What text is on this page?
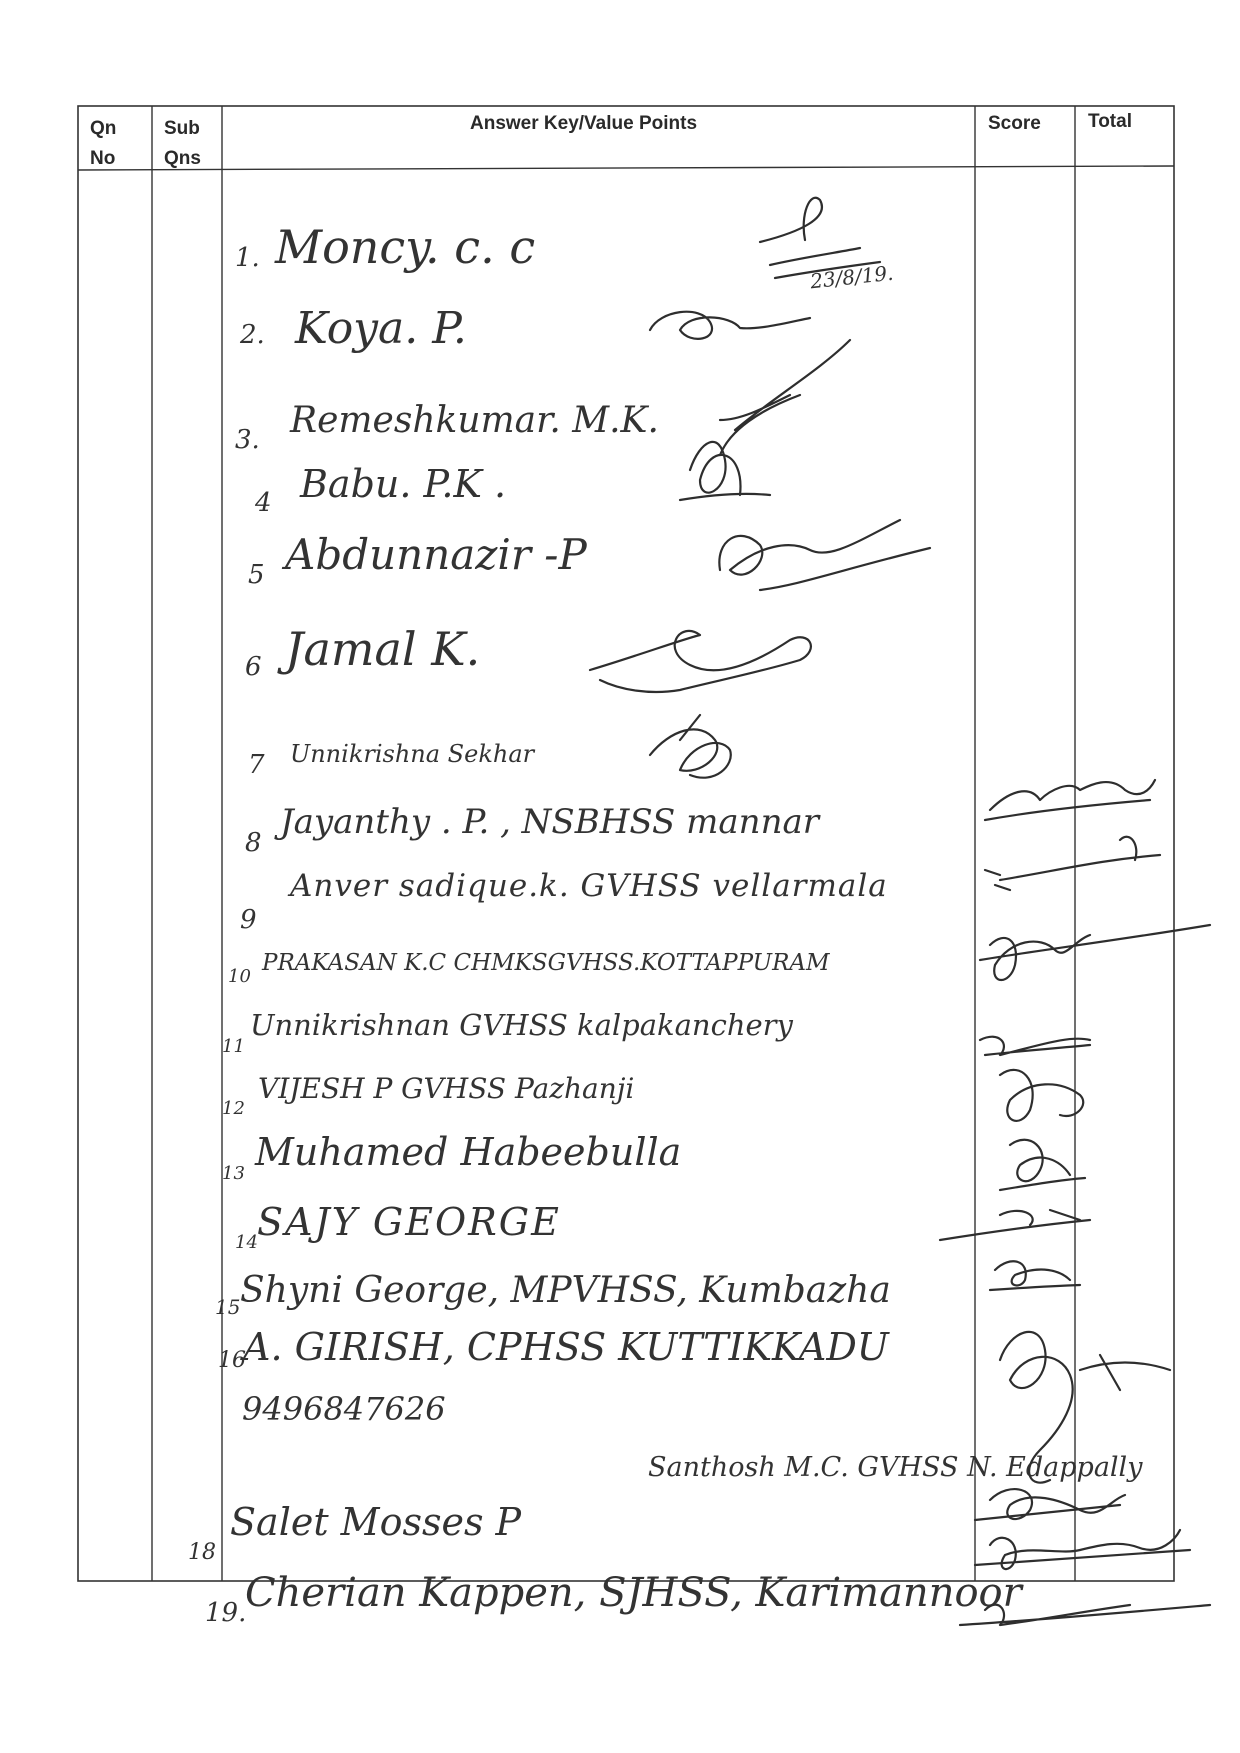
Qn
No
Sub
Qns
Answer Key/Value Points	Score Total
1. Moncy. c. c
23/8/19.
2. Koya. P.
3. Remeshkumar. M.K.
4 Babu. P.K .
5 Abdunnazir -P
6 Jamal K.
7 Unnikrishna Sekhar
8
Jayanthy . P. , NSBHSS mannar
9
Anver sadique.k. GVHSS vellarmala
10
PRAKASAN K.C CHMKSGVHSS.KOTTAPPURAM
11
Unnikrishnan GVHSS kalpakanchery
12
VIJESH P GVHSS Pazhanji
13 Muhamed Habeebulla
14 SAJY GEORGE
15 Shyni George, MPVHSS, Kumbazha
16
A. GIRISH, CPHSS KUTTIKKADU
9496847626
Santhosh M.C. GVHSS N. Edappally
18
Salet Mosses P
19.
Cherian Kappen, SJHSS, Karimannoor
